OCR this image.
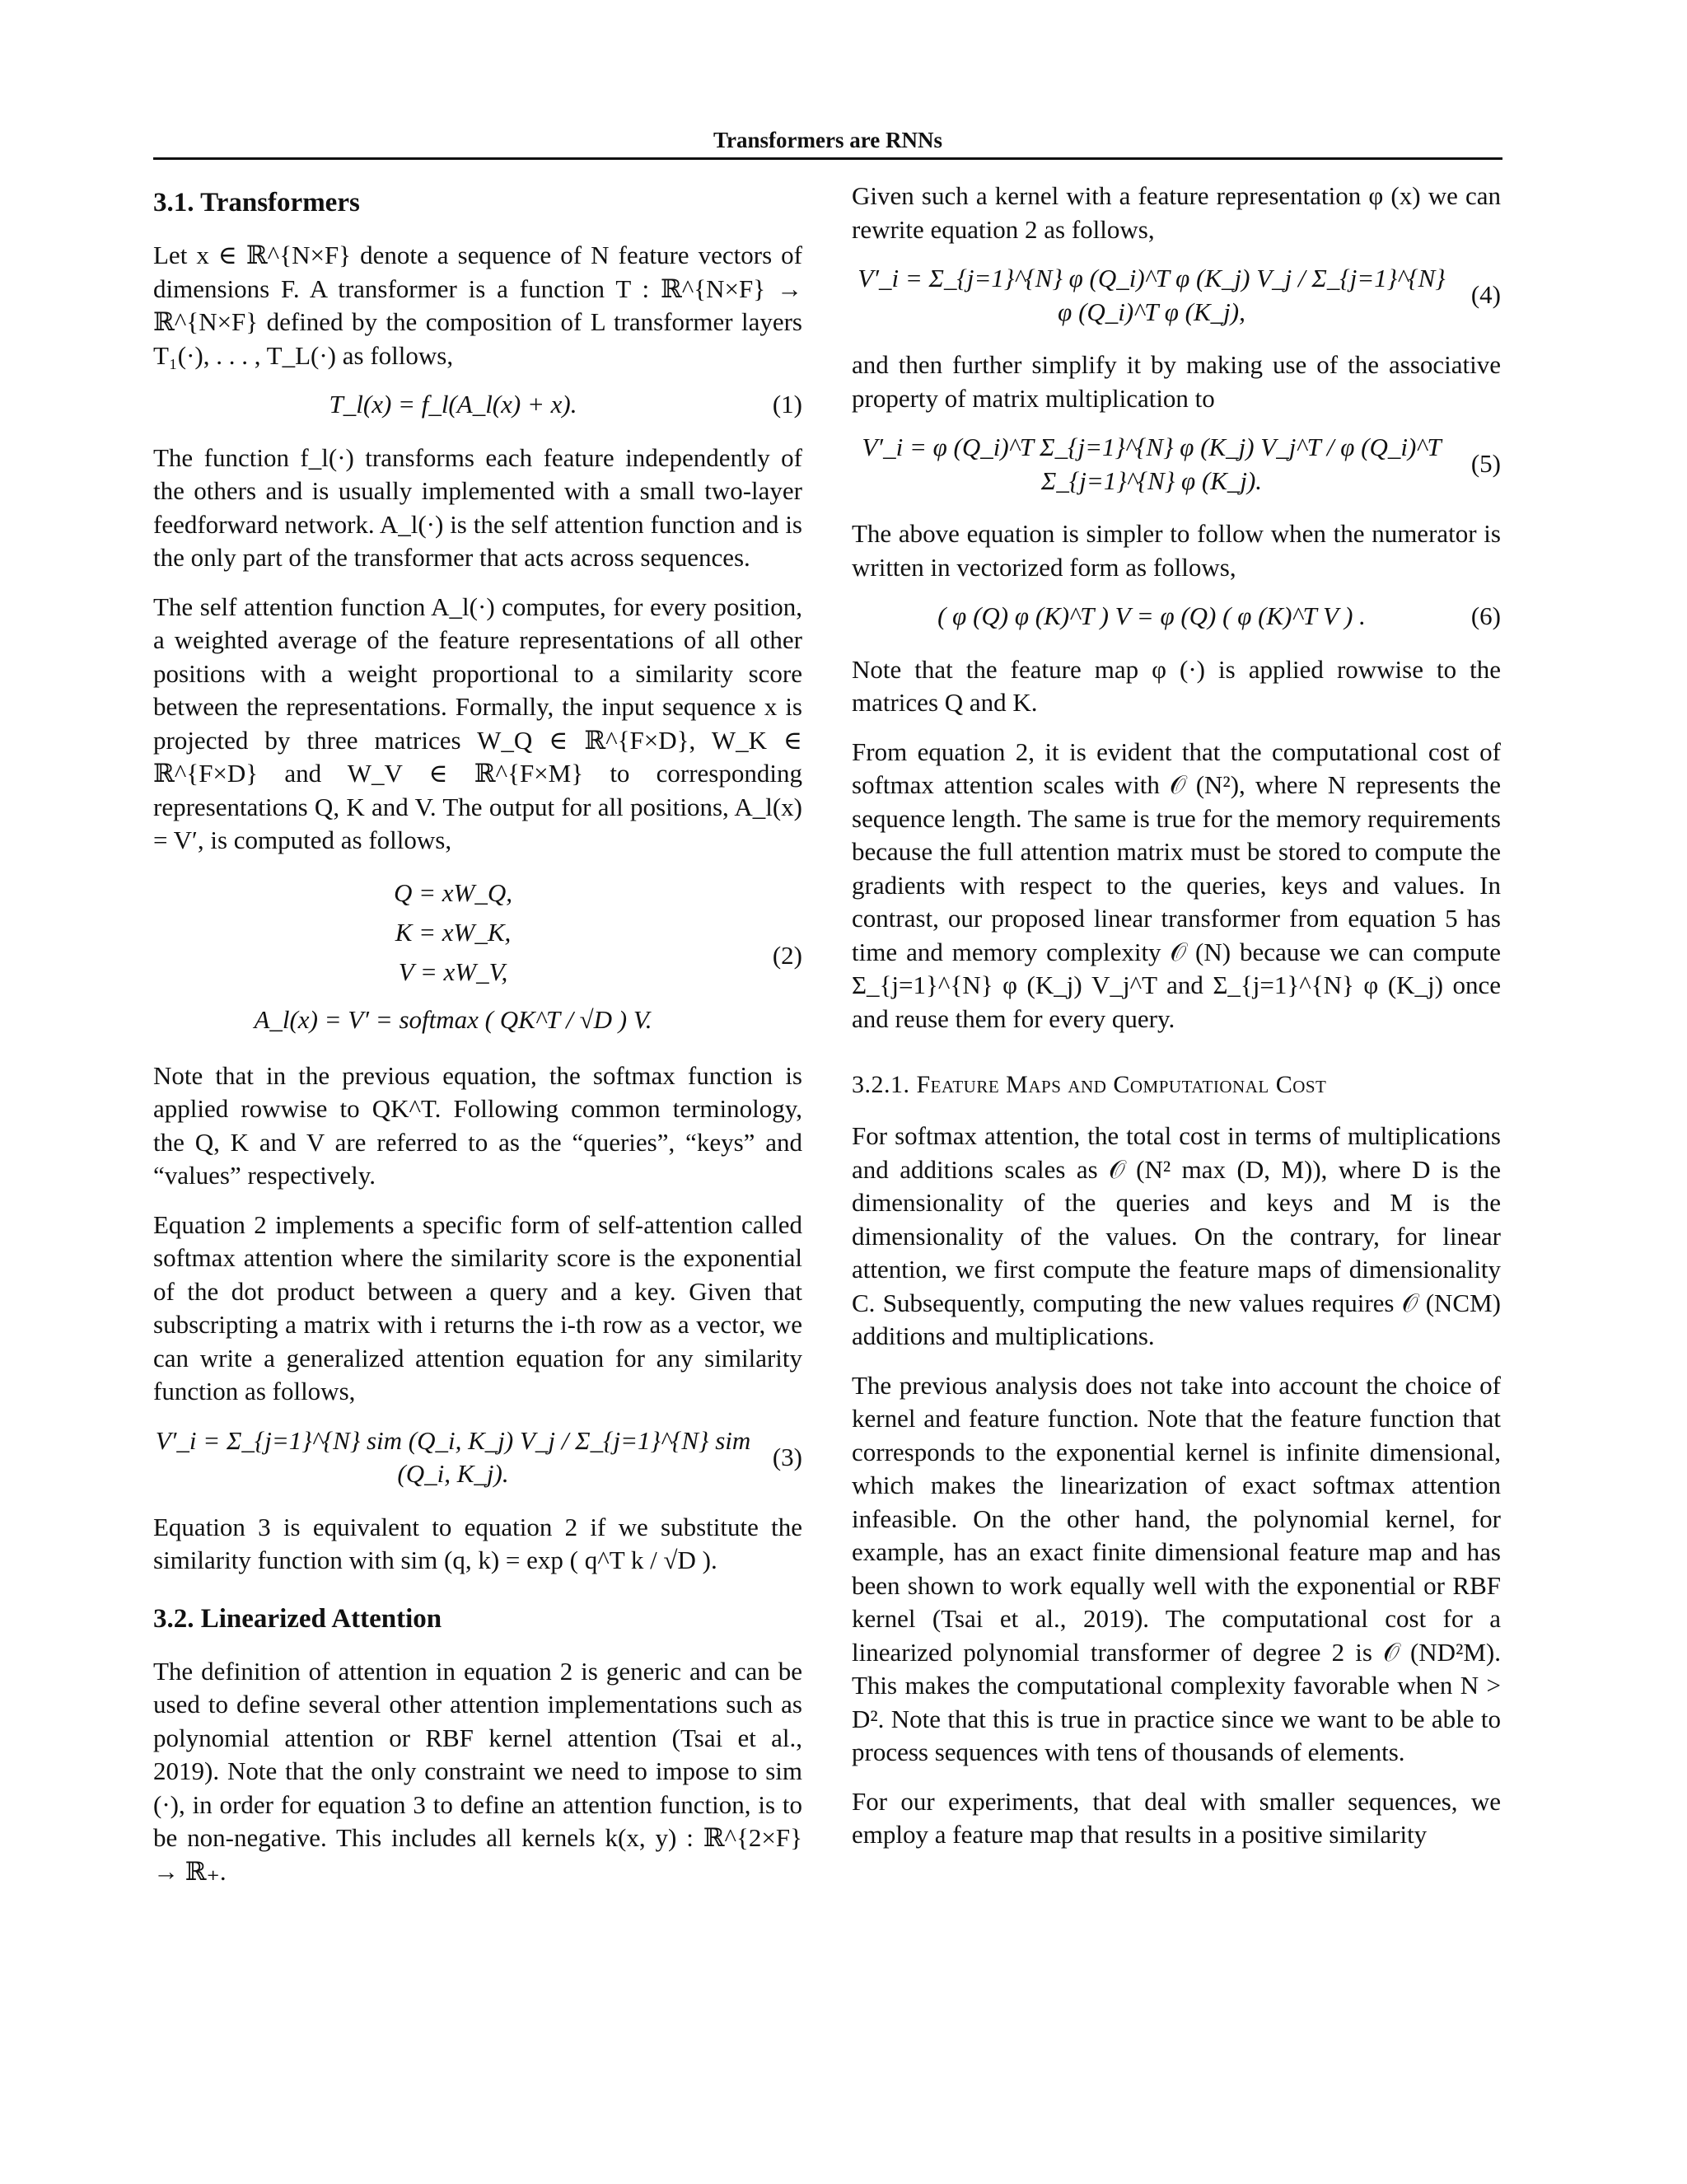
Transformers are RNNs
3.1. Transformers

Let x ∈ ℝ^{N×F} denote a sequence of N feature vectors of dimensions F. A transformer is a function T : ℝ^{N×F} → ℝ^{N×F} defined by the composition of L transformer layers T₁(·), . . . , T_L(·) as follows,

T_l(x) = f_l(A_l(x) + x).	(1)

The function f_l(·) transforms each feature independently of the others and is usually implemented with a small two-layer feedforward network. A_l(·) is the self attention function and is the only part of the transformer that acts across sequences.

The self attention function A_l(·) computes, for every position, a weighted average of the feature representations of all other positions with a weight proportional to a similarity score between the representations. Formally, the input sequence x is projected by three matrices W_Q ∈ ℝ^{F×D}, W_K ∈ ℝ^{F×D} and W_V ∈ ℝ^{F×M} to corresponding representations Q, K and V. The output for all positions, A_l(x) = V′, is computed as follows,

Q = xW_Q,
K = xW_K,
V = xW_V,
A_l(x) = V′ = softmax ( QK^T / √D ) V.
(2)

Note that in the previous equation, the softmax function is applied rowwise to QK^T. Following common terminology, the Q, K and V are referred to as the “queries”, “keys” and “values” respectively.

Equation 2 implements a specific form of self-attention called softmax attention where the similarity score is the exponential of the dot product between a query and a key. Given that subscripting a matrix with i returns the i-th row as a vector, we can write a generalized attention equation for any similarity function as follows,

V′_i = Σ_{j=1}^{N} sim (Q_i, K_j) V_j / Σ_{j=1}^{N} sim (Q_i, K_j).
(3)

Equation 3 is equivalent to equation 2 if we substitute the similarity function with sim (q, k) = exp ( q^T k / √D ).

3.2. Linearized Attention

The definition of attention in equation 2 is generic and can be used to define several other attention implementations such as polynomial attention or RBF kernel attention (Tsai et al., 2019). Note that the only constraint we need to impose to sim (·), in order for equation 3 to define an attention function, is to be non-negative. This includes all kernels k(x, y) : ℝ^{2×F} → ℝ₊.

Given such a kernel with a feature representation φ (x) we can rewrite equation 2 as follows,

V′_i = Σ_{j=1}^{N} φ (Q_i)^T φ (K_j) V_j / Σ_{j=1}^{N} φ (Q_i)^T φ (K_j),
(4)

and then further simplify it by making use of the associative property of matrix multiplication to

V′_i = φ (Q_i)^T Σ_{j=1}^{N} φ (K_j) V_j^T / φ (Q_i)^T Σ_{j=1}^{N} φ (K_j).
(5)

The above equation is simpler to follow when the numerator is written in vectorized form as follows,

( φ (Q) φ (K)^T ) V = φ (Q) ( φ (K)^T V ) .	(6)

Note that the feature map φ (·) is applied rowwise to the matrices Q and K.

From equation 2, it is evident that the computational cost of softmax attention scales with 𝒪 (N²), where N represents the sequence length. The same is true for the memory requirements because the full attention matrix must be stored to compute the gradients with respect to the queries, keys and values. In contrast, our proposed linear transformer from equation 5 has time and memory complexity 𝒪 (N) because we can compute Σ_{j=1}^{N} φ (K_j) V_j^T and Σ_{j=1}^{N} φ (K_j) once and reuse them for every query.

3.2.1. Feature Maps and Computational Cost

For softmax attention, the total cost in terms of multiplications and additions scales as 𝒪 (N² max (D, M)), where D is the dimensionality of the queries and keys and M is the dimensionality of the values. On the contrary, for linear attention, we first compute the feature maps of dimensionality C. Subsequently, computing the new values requires 𝒪 (NCM) additions and multiplications.

The previous analysis does not take into account the choice of kernel and feature function. Note that the feature function that corresponds to the exponential kernel is infinite dimensional, which makes the linearization of exact softmax attention infeasible. On the other hand, the polynomial kernel, for example, has an exact finite dimensional feature map and has been shown to work equally well with the exponential or RBF kernel (Tsai et al., 2019). The computational cost for a linearized polynomial transformer of degree 2 is 𝒪 (ND²M). This makes the computational complexity favorable when N > D². Note that this is true in practice since we want to be able to process sequences with tens of thousands of elements.

For our experiments, that deal with smaller sequences, we employ a feature map that results in a positive similarity
